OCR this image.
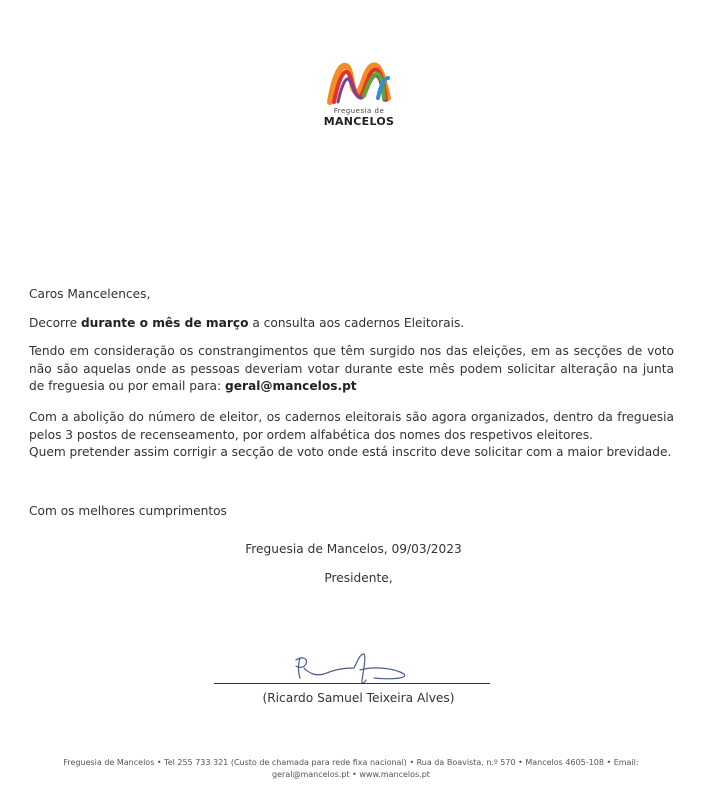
Freguesia de
MANCELOS

Caros Mancelences,

Decorre durante o mês de março a consulta aos cadernos Eleitorais.

Tendo em consideração os constrangimentos que têm surgido nos das eleições, em as secções de voto não são aquelas onde as pessoas deveriam votar durante este mês podem solicitar alteração na junta de freguesia ou por email para: geral@mancelos.pt

Com a abolição do número de eleitor, os cadernos eleitorais são agora organizados, dentro da freguesia pelos 3 postos de recenseamento, por ordem alfabética dos nomes dos respetivos eleitores.

Quem pretender assim corrigir a secção de voto onde está inscrito deve solicitar com a maior brevidade.

Com os melhores cumprimentos

Freguesia de Mancelos, 09/03/2023
Presidente,
(Ricardo Samuel Teixeira Alves)
Freguesia de Mancelos • Tel 255 733 321 (Custo de chamada para rede fixa nacional) • Rua da Boavista, n.º 570 • Mancelos 4605-108 • Email:
geral@mancelos.pt • www.mancelos.pt
